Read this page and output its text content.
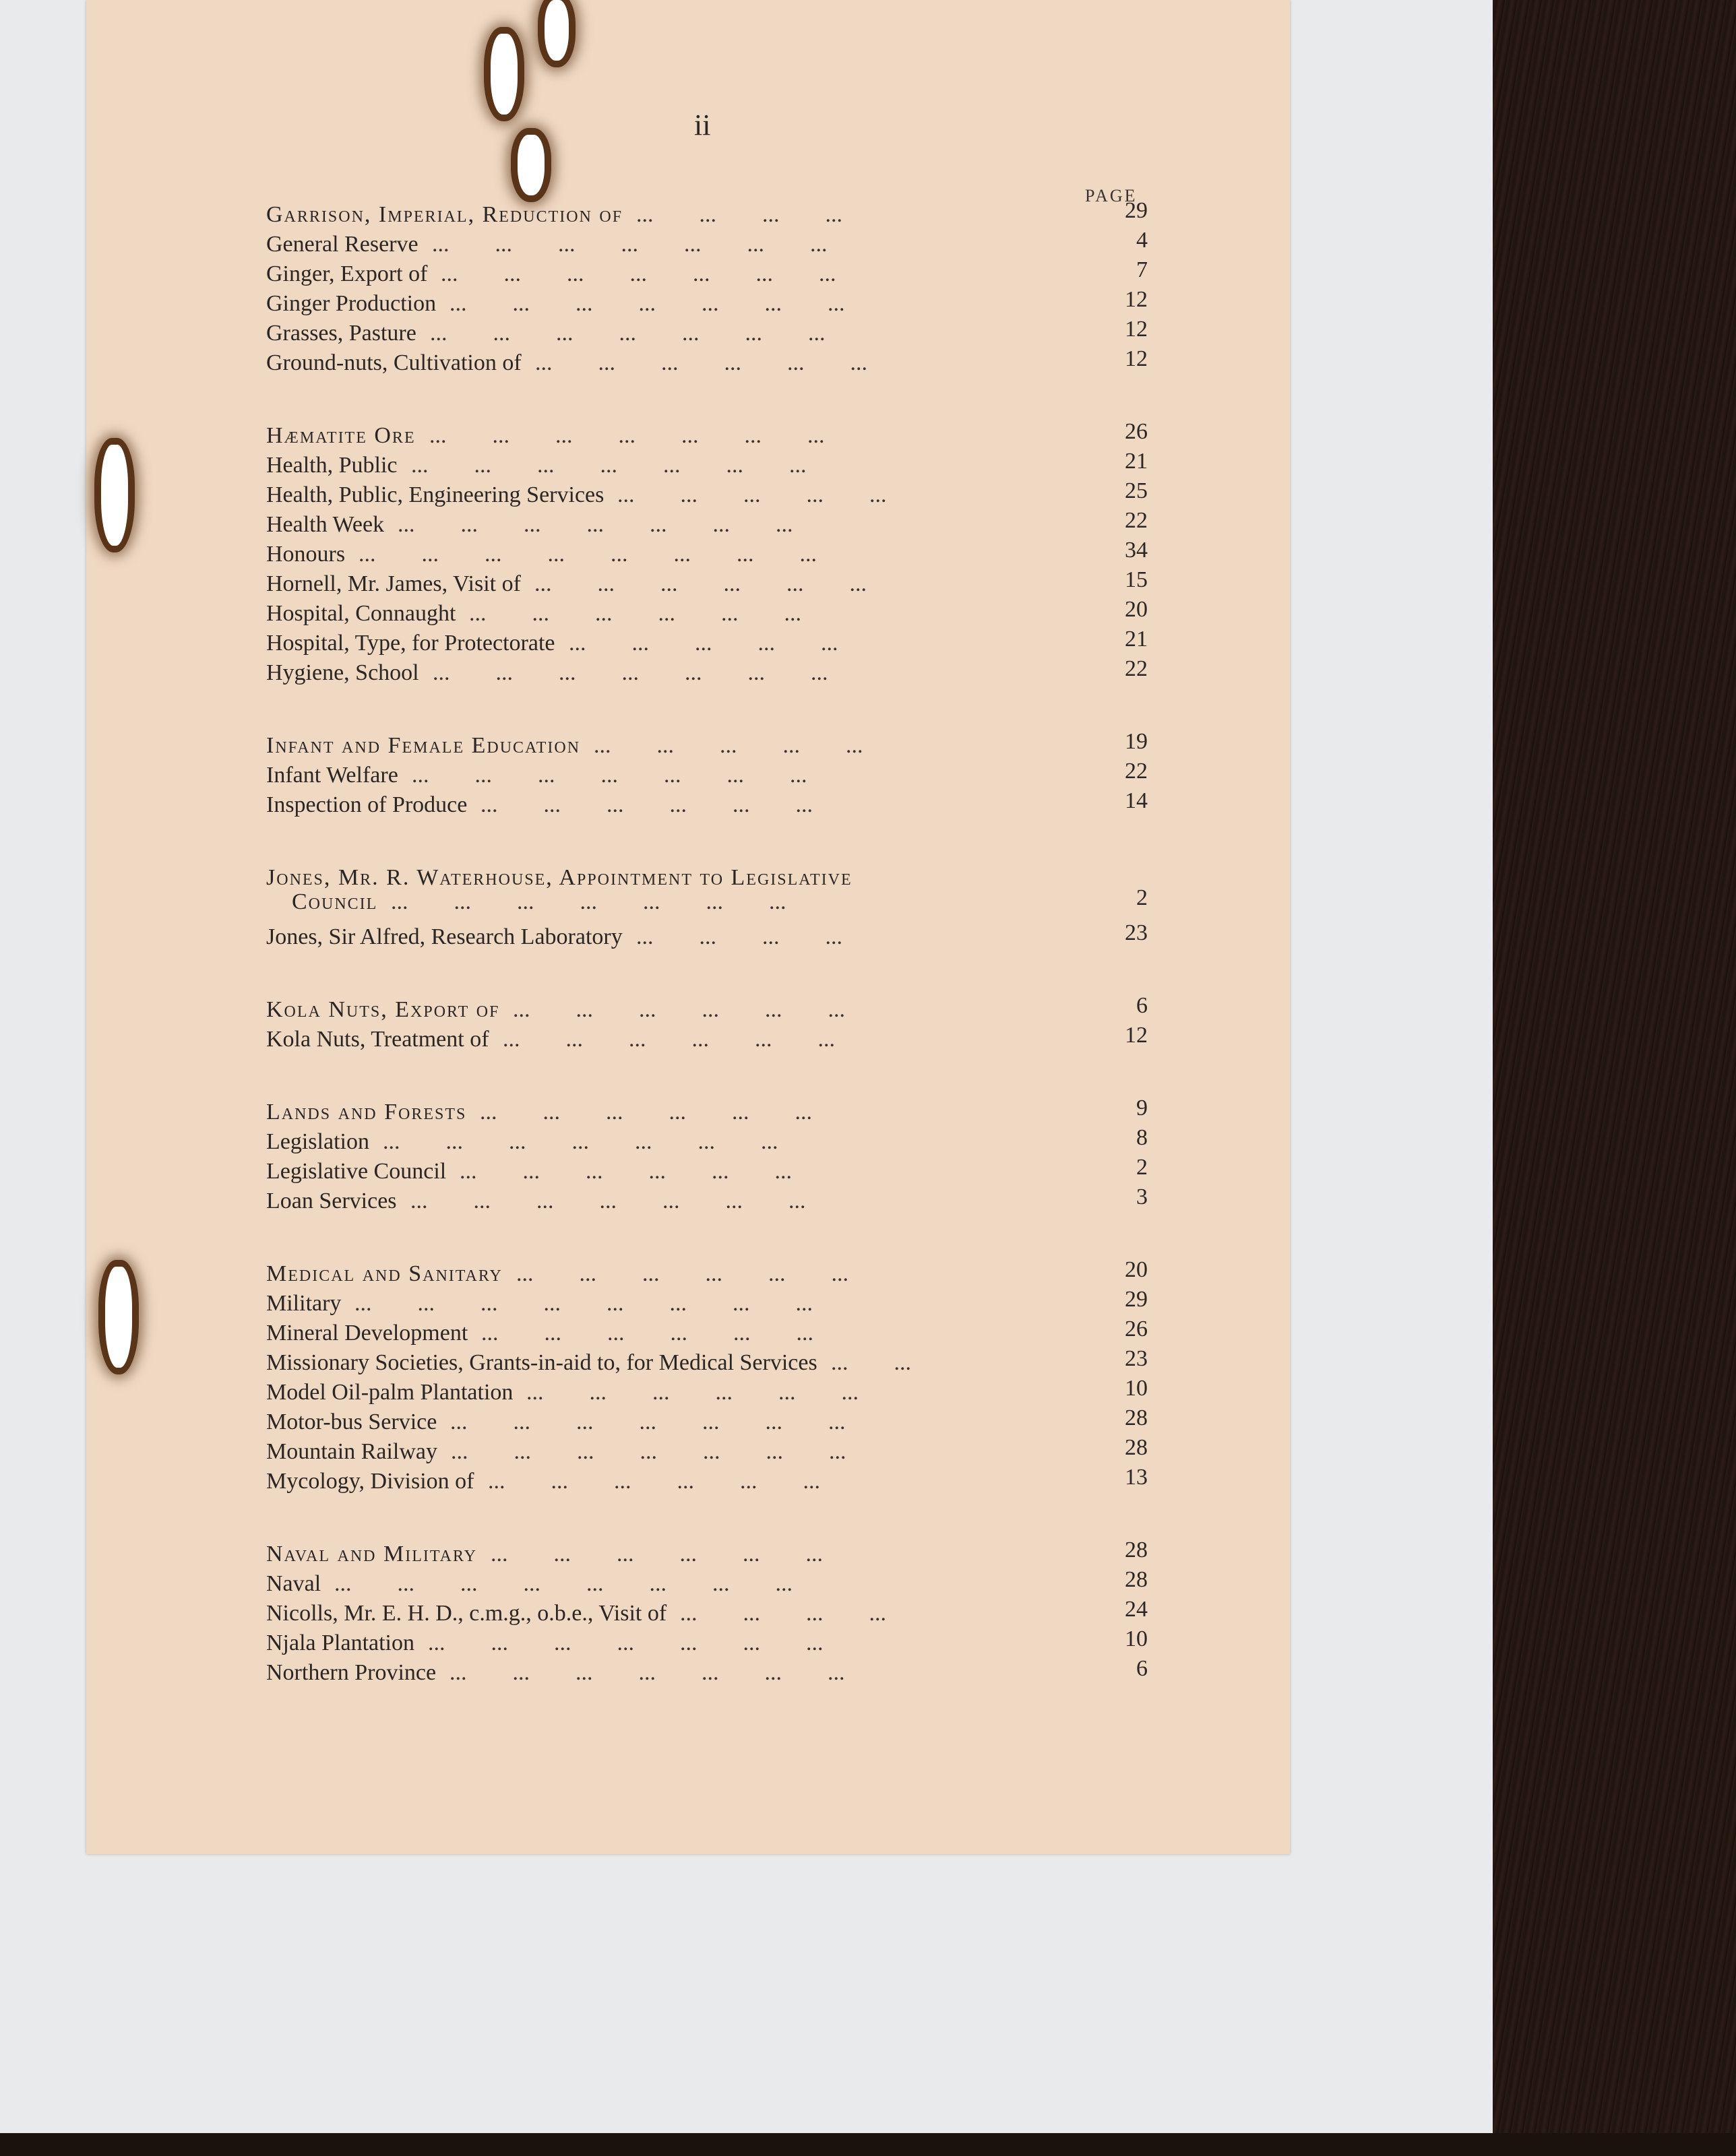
ii
PAGE
Garrison, Imperial, Reduction of ...        ...        ...        ...	29
General Reserve ...        ...        ...        ...        ...        ...        ...	4
Ginger, Export of ...        ...        ...        ...        ...        ...        ...	7
Ginger Production ...        ...        ...        ...        ...        ...        ...	12
Grasses, Pasture ...        ...        ...        ...        ...        ...        ...	12
Ground-nuts, Cultivation of ...        ...        ...        ...        ...        ...	12
Hæmatite Ore ...        ...        ...        ...        ...        ...        ...	26
Health, Public ...        ...        ...        ...        ...        ...        ...	21
Health, Public, Engineering Services ...        ...        ...        ...        ...	25
Health Week ...        ...        ...        ...        ...        ...        ...	22
Honours ...        ...        ...        ...        ...        ...        ...        ...	34
Hornell, Mr. James, Visit of ...        ...        ...        ...        ...        ...	15
Hospital, Connaught ...        ...        ...        ...        ...        ...	20
Hospital, Type, for Protectorate ...        ...        ...        ...        ...	21
Hygiene, School ...        ...        ...        ...        ...        ...        ...	22
Infant and Female Education ...        ...        ...        ...        ...	19
Infant Welfare ...        ...        ...        ...        ...        ...        ...	22
Inspection of Produce ...        ...        ...        ...        ...        ...	14
Jones, Mr. R. Waterhouse, Appointment to Legislative
Council ...        ...        ...        ...        ...        ...        ...	2
Jones, Sir Alfred, Research Laboratory ...        ...        ...        ...	23
Kola Nuts, Export of ...        ...        ...        ...        ...        ...	6
Kola Nuts, Treatment of ...        ...        ...        ...        ...        ...	12
Lands and Forests ...        ...        ...        ...        ...        ...	9
Legislation ...        ...        ...        ...        ...        ...        ...	8
Legislative Council ...        ...        ...        ...        ...        ...	2
Loan Services ...        ...        ...        ...        ...        ...        ...	3
Medical and Sanitary ...        ...        ...        ...        ...        ...	20
Military ...        ...        ...        ...        ...        ...        ...        ...	29
Mineral Development ...        ...        ...        ...        ...        ...	26
Missionary Societies, Grants-in-aid to, for Medical Services ...        ...	23
Model Oil-palm Plantation ...        ...        ...        ...        ...        ...	10
Motor-bus Service ...        ...        ...        ...        ...        ...        ...	28
Mountain Railway ...        ...        ...        ...        ...        ...        ...	28
Mycology, Division of ...        ...        ...        ...        ...        ...	13
Naval and Military ...        ...        ...        ...        ...        ...	28
Naval ...        ...        ...        ...        ...        ...        ...        ...	28
Nicolls, Mr. E. H. D., c.m.g., o.b.e., Visit of ...        ...        ...        ...	24
Njala Plantation ...        ...        ...        ...        ...        ...        ...	10
Northern Province ...        ...        ...        ...        ...        ...        ...	6
